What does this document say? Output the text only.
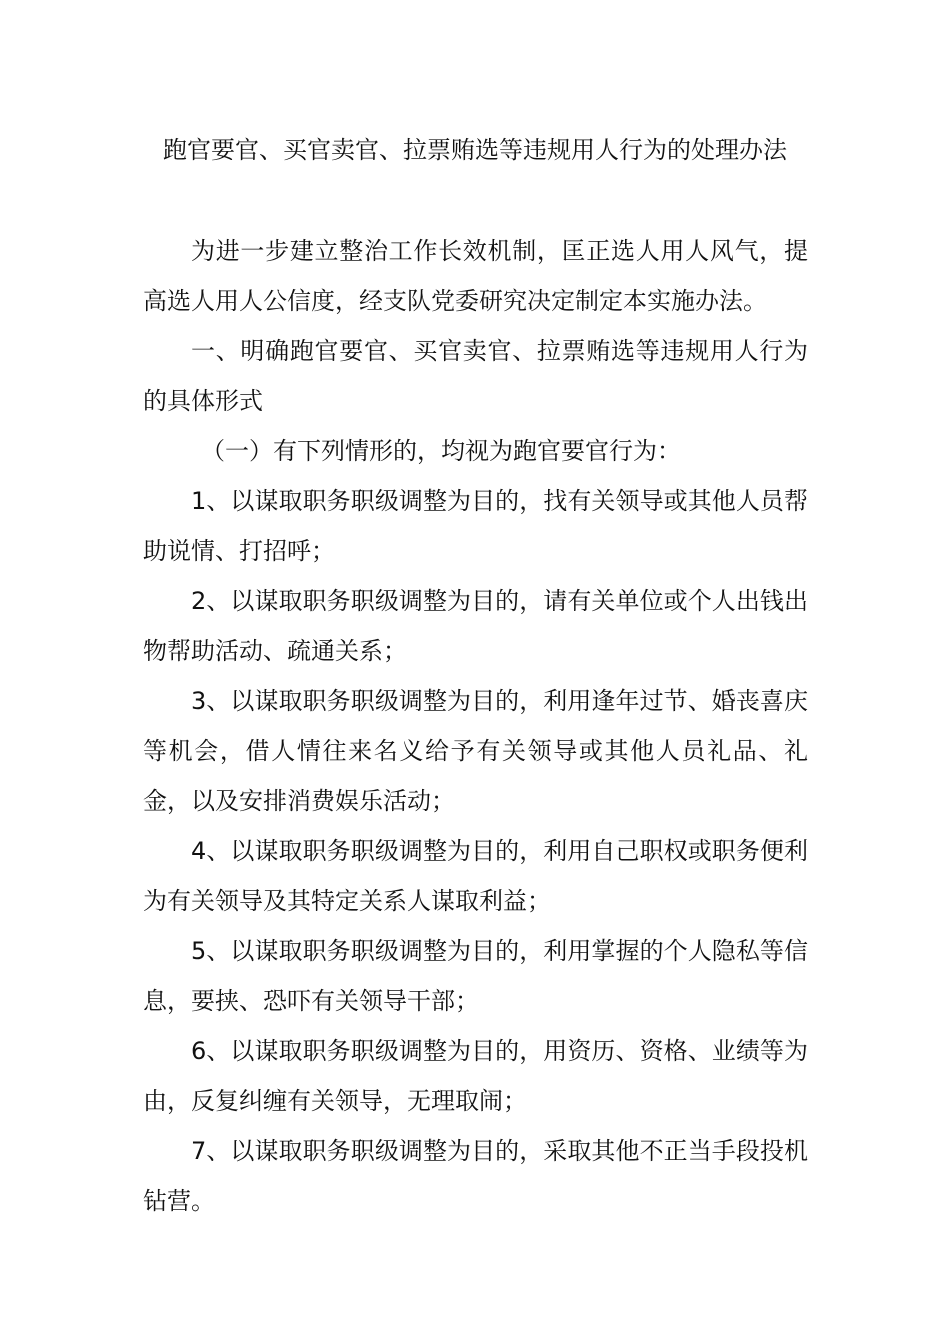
跑官要官、买官卖官、拉票贿选等违规用人行为的处理办法

为进一步建立整治工作长效机制，匡正选人用人风气，提高选人用人公信度，经支队党委研究决定制定本实施办法。

一、明确跑官要官、买官卖官、拉票贿选等违规用人行为的具体形式

（一）有下列情形的，均视为跑官要官行为：

1、以谋取职务职级调整为目的，找有关领导或其他人员帮助说情、打招呼；

2、以谋取职务职级调整为目的，请有关单位或个人出钱出物帮助活动、疏通关系；

3、以谋取职务职级调整为目的，利用逢年过节、婚丧喜庆等机会，借人情往来名义给予有关领导或其他人员礼品、礼金，以及安排消费娱乐活动；

4、以谋取职务职级调整为目的，利用自己职权或职务便利为有关领导及其特定关系人谋取利益；

5、以谋取职务职级调整为目的，利用掌握的个人隐私等信息，要挟、恐吓有关领导干部；

6、以谋取职务职级调整为目的，用资历、资格、业绩等为由，反复纠缠有关领导，无理取闹；

7、以谋取职务职级调整为目的，采取其他不正当手段投机钻营。
